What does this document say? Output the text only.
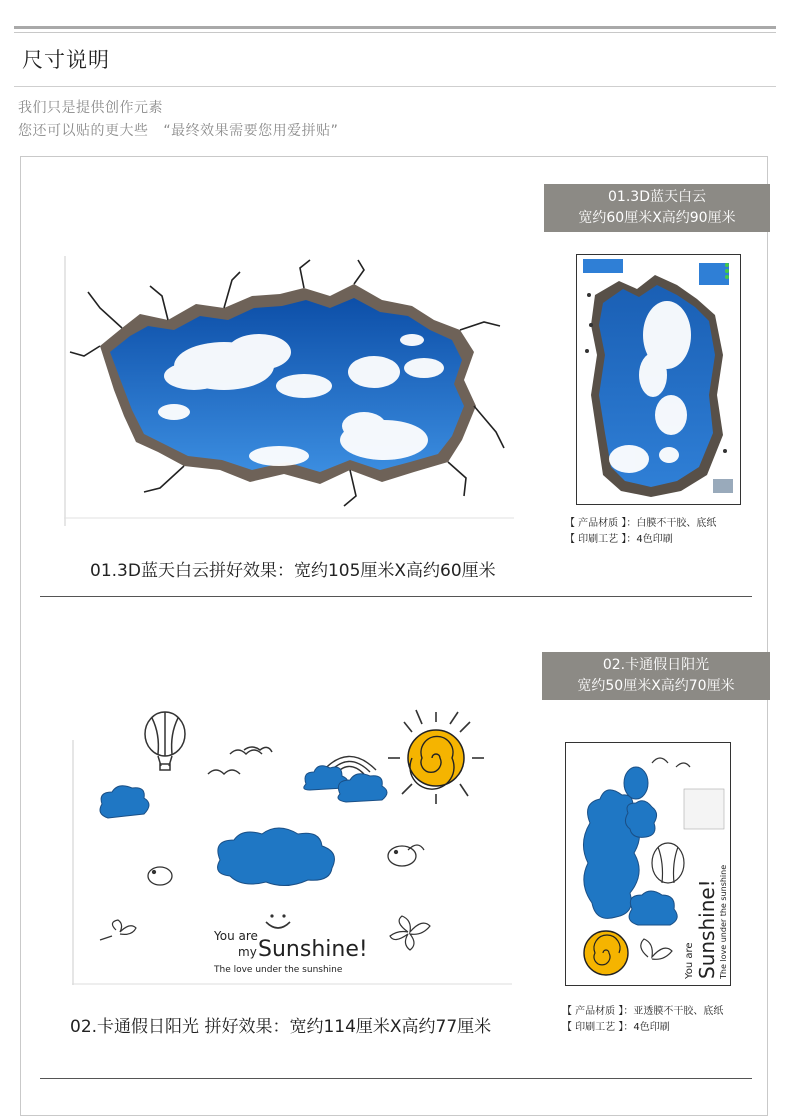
尺寸说明
我们只是提供创作元素
您还可以贴的更大些   “最终效果需要您用爱拼贴”
01.3D蓝天白云
宽约60厘米X高约90厘米
【 产品材质 】：白膜不干胶、底纸
【 印刷工艺 】：4色印刷
01.3D蓝天白云拼好效果：宽约105厘米X高约60厘米
02.卡通假日阳光
宽约50厘米X高约70厘米
You are
my Sunshine!
The love under the sunshine	Sunshine! The love under the sunshine
You are
【 产品材质 】：亚透膜不干胶、底纸
【 印刷工艺 】：4色印刷
02.卡通假日阳光 拼好效果：宽约114厘米X高约77厘米
